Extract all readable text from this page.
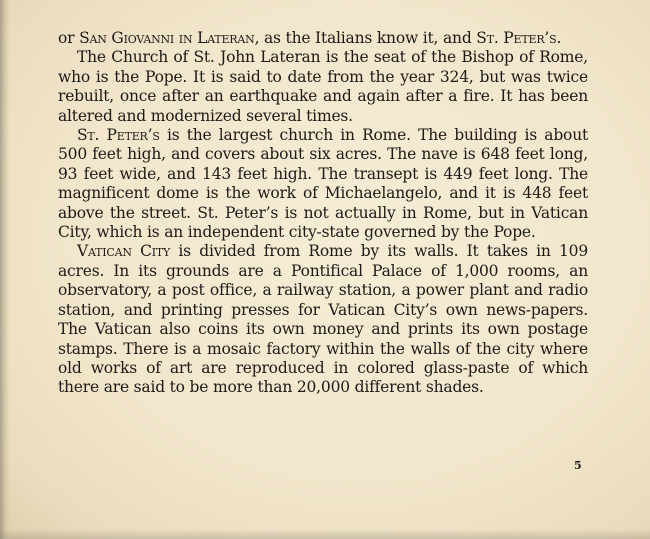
or San Giovanni in Lateran, as the Italians know it, and St. Peter’s.

The Church of St. John Lateran is the seat of the Bishop of Rome, who is the Pope. It is said to date from the year 324, but was twice rebuilt, once after an earthquake and again after a fire. It has been altered and modernized several times.

St. Peter’s is the largest church in Rome. The building is about 500 feet high, and covers about six acres. The nave is 648 feet long, 93 feet wide, and 143 feet high. The transept is 449 feet long. The magnificent dome is the work of Michaelangelo, and it is 448 feet above the street. St. Peter’s is not actually in Rome, but in Vatican City, which is an independent city-state governed by the Pope.

Vatican City is divided from Rome by its walls. It takes in 109 acres. In its grounds are a Pontifical Palace of 1,000 rooms, an observatory, a post office, a railway station, a power plant and radio station, and printing presses for Vatican City’s own news-papers. The Vatican also coins its own money and prints its own postage stamps. There is a mosaic factory within the walls of the city where old works of art are reproduced in colored glass-paste of which there are said to be more than 20,000 different shades.

5
